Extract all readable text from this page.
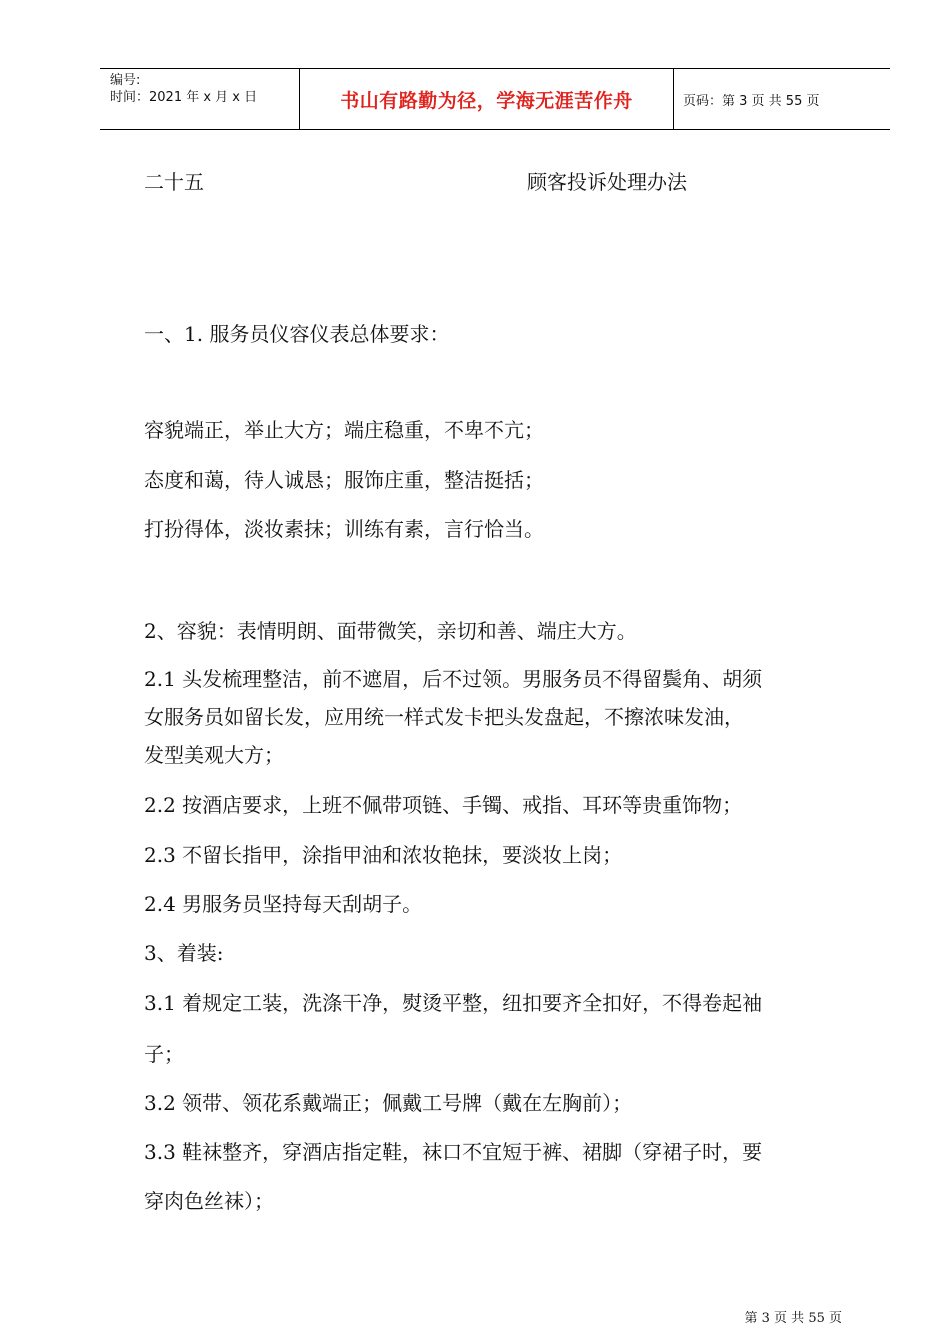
编号:
时间：2021 年 x 月 x 日	书山有路勤为径，学海无涯苦作舟	页码：第 3 页 共 55 页
二十五	顾客投诉处理办法
一、1. 服务员仪容仪表总体要求：
容貌端正，举止大方；端庄稳重，不卑不亢；
态度和蔼，待人诚恳；服饰庄重，整洁挺括；
打扮得体，淡妆素抹；训练有素，言行恰当。
2、容貌：表情明朗、面带微笑，亲切和善、端庄大方。
2.1 头发梳理整洁，前不遮眉，后不过领。男服务员不得留鬓角、胡须
女服务员如留长发，应用统一样式发卡把头发盘起，不擦浓味发油，
发型美观大方；
2.2 按酒店要求，上班不佩带项链、手镯、戒指、耳环等贵重饰物；
2.3 不留长指甲，涂指甲油和浓妆艳抹，要淡妆上岗；
2.4 男服务员坚持每天刮胡子。
3、着装:
3.1 着规定工装，洗涤干净，熨烫平整，纽扣要齐全扣好，不得卷起袖
子；
3.2 领带、领花系戴端正；佩戴工号牌（戴在左胸前）；
3.3 鞋袜整齐，穿酒店指定鞋，袜口不宜短于裤、裙脚（穿裙子时，要
穿肉色丝袜）；
第 3 页 共 55 页
